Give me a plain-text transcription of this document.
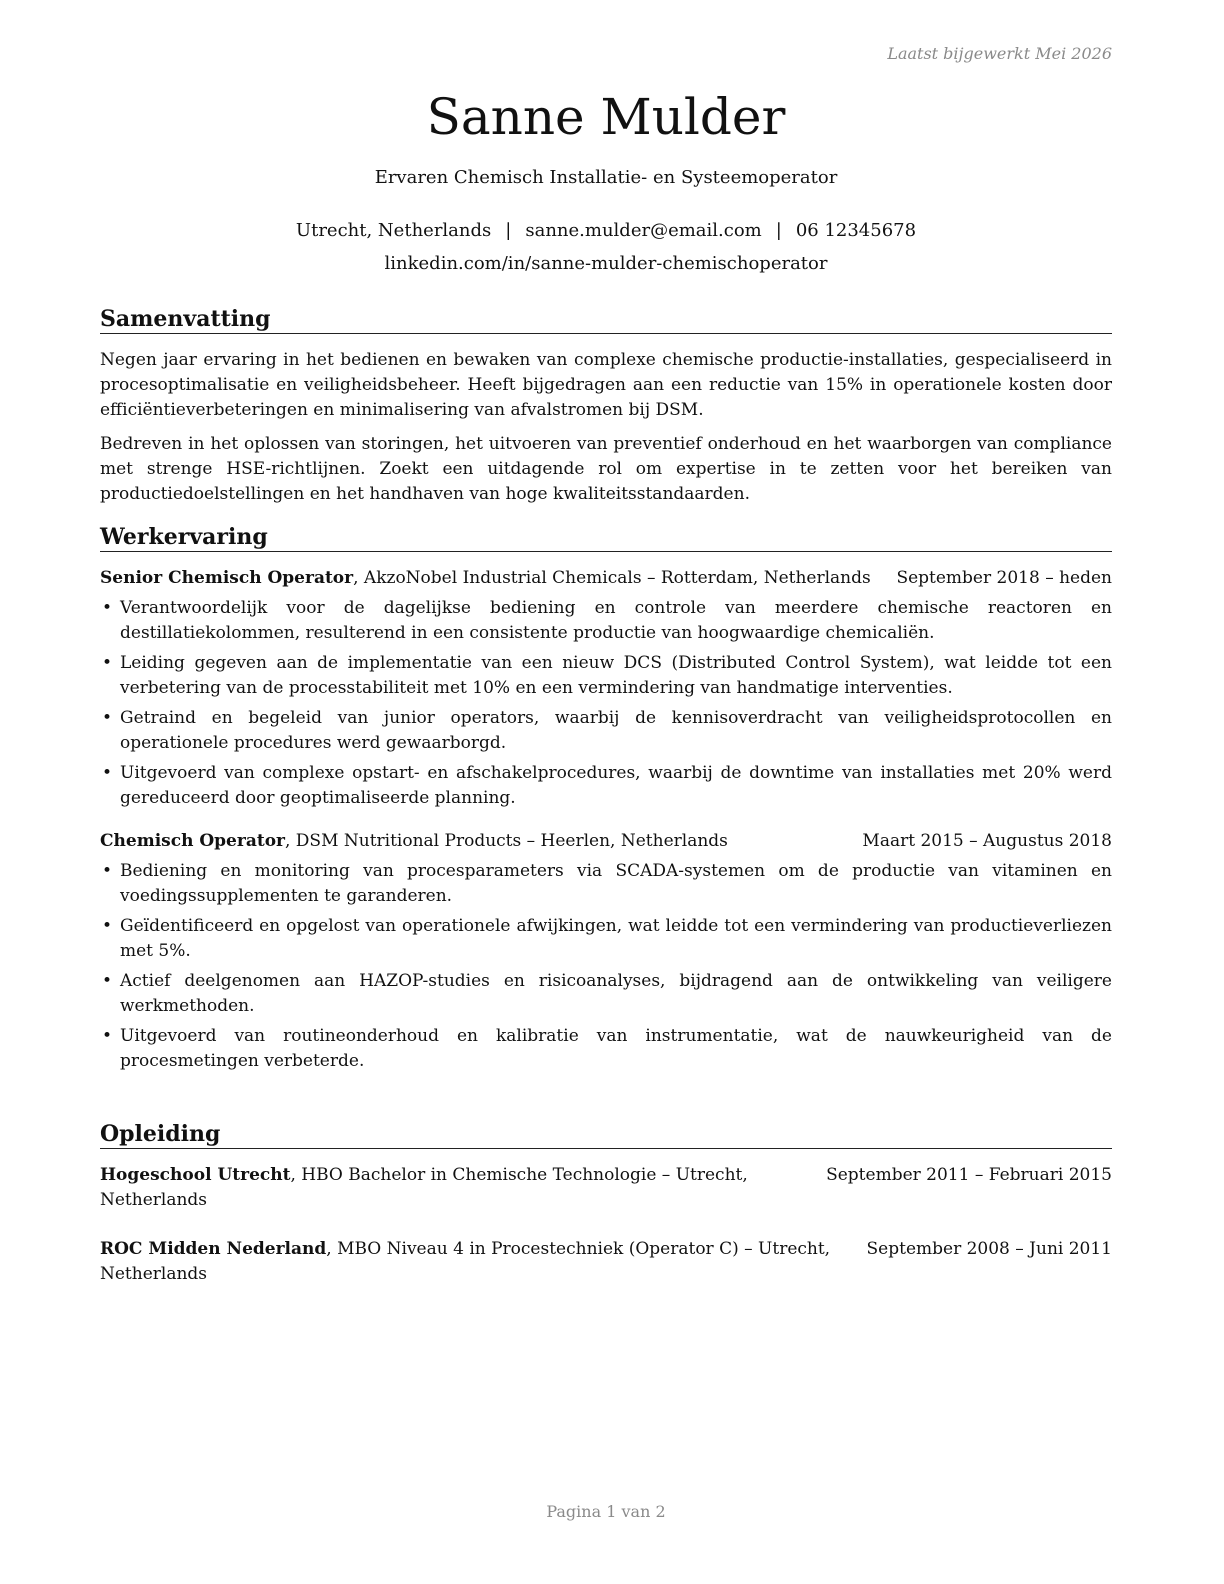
Laatst bijgewerkt Mei 2026
Sanne Mulder
Ervaren Chemisch Installatie- en Systeemoperator
Utrecht, Netherlands | sanne.mulder@email.com | 06 12345678
linkedin.com/in/sanne-mulder-chemischoperator
Samenvatting

Negen jaar ervaring in het bedienen en bewaken van complexe chemische productie-installaties, gespecialiseerd in procesoptimalisatie en veiligheidsbeheer. Heeft bijgedragen aan een reductie van 15% in operationele kosten door efficiëntieverbeteringen en minimalisering van afvalstromen bij DSM.

Bedreven in het oplossen van storingen, het uitvoeren van preventief onderhoud en het waarborgen van compliance met strenge HSE-richtlijnen. Zoekt een uitdagende rol om expertise in te zetten voor het bereiken van productiedoelstellingen en het handhaven van hoge kwaliteitsstandaarden.

Werkervaring
Senior Chemisch Operator, AkzoNobel Industrial Chemicals – Rotterdam, Netherlands	September 2018 – heden
• Verantwoordelijk voor de dagelijkse bediening en controle van meerdere chemische reactoren en destillatiekolommen, resulterend in een consistente productie van hoogwaardige chemicaliën.
• Leiding gegeven aan de implementatie van een nieuw DCS (Distributed Control System), wat leidde tot een verbetering van de processtabiliteit met 10% en een vermindering van handmatige interventies.
• Getraind en begeleid van junior operators, waarbij de kennisoverdracht van veiligheidsprotocollen en operationele procedures werd gewaarborgd.
• Uitgevoerd van complexe opstart- en afschakelprocedures, waarbij de downtime van installaties met 20% werd gereduceerd door geoptimaliseerde planning.
Chemisch Operator, DSM Nutritional Products – Heerlen, Netherlands	Maart 2015 – Augustus 2018
• Bediening en monitoring van procesparameters via SCADA-systemen om de productie van vitaminen en voedingssupplementen te garanderen.
• Geïdentificeerd en opgelost van operationele afwijkingen, wat leidde tot een vermindering van productieverliezen met 5%.
• Actief deelgenomen aan HAZOP-studies en risicoanalyses, bijdragend aan de ontwikkeling van veiligere werkmethoden.
• Uitgevoerd van routineonderhoud en kalibratie van instrumentatie, wat de nauwkeurigheid van de procesmetingen verbeterde.
Opleiding
Hogeschool Utrecht, HBO Bachelor in Chemische Technologie – Utrecht, Netherlands
September 2011 – Februari 2015
ROC Midden Nederland, MBO Niveau 4 in Procestechniek (Operator C) – Utrecht, Netherlands
September 2008 – Juni 2011
Pagina 1 van 2
